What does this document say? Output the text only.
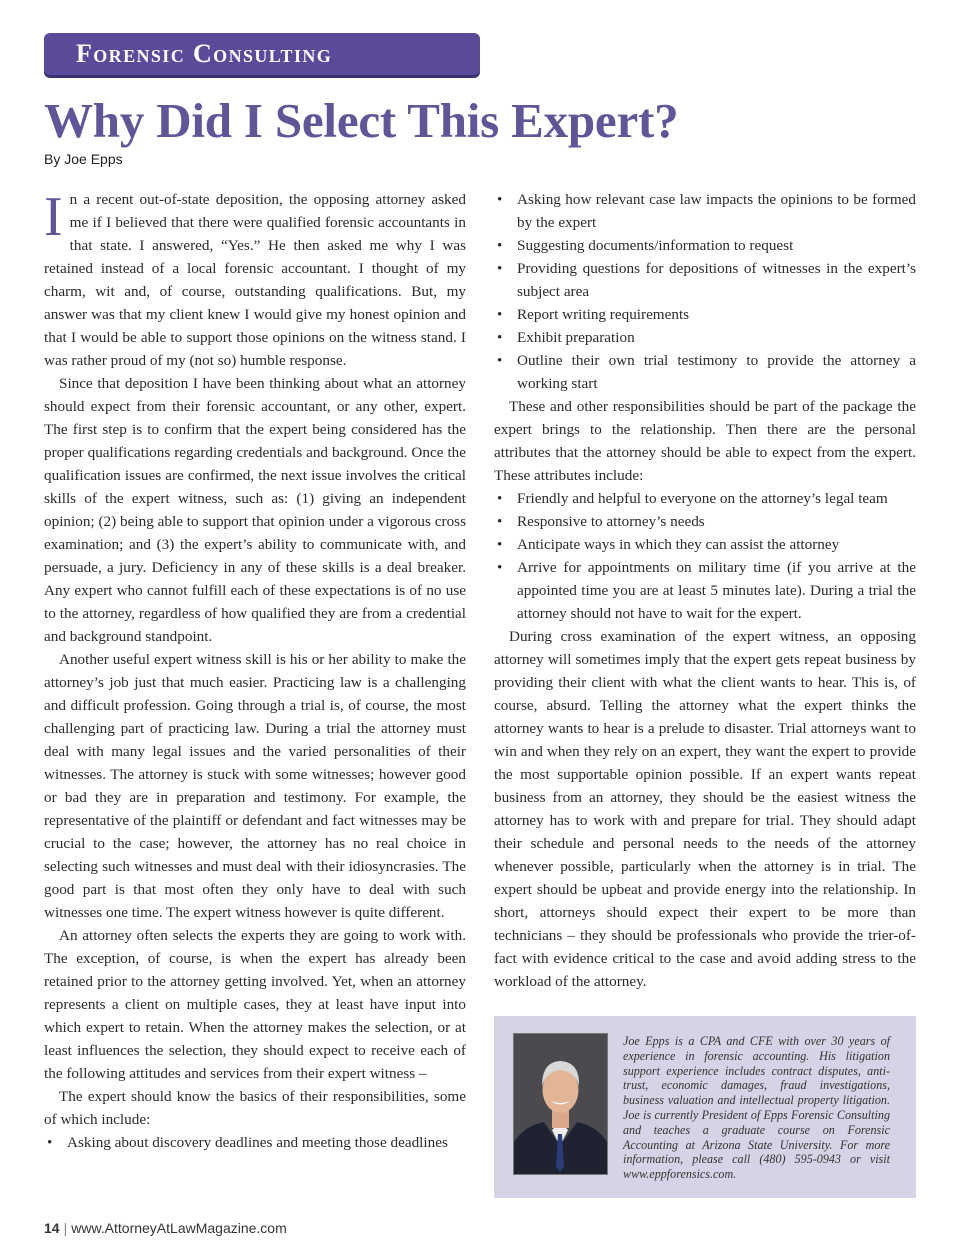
Forensic Consulting
Why Did I Select This Expert?
By Joe Epps

In a recent out-of-state deposition, the opposing attorney asked me if I believed that there were qualified forensic accountants in that state. I answered, “Yes.” He then asked me why I was retained instead of a local forensic accountant. I thought of my charm, wit and, of course, outstanding qualifications. But, my answer was that my client knew I would give my honest opinion and that I would be able to support those opinions on the witness stand. I was rather proud of my (not so) humble response.

Since that deposition I have been thinking about what an attorney should expect from their forensic accountant, or any other, expert. The first step is to confirm that the expert being considered has the proper qualifications regarding credentials and background. Once the qualification issues are confirmed, the next issue involves the critical skills of the expert witness, such as: (1) giving an independent opinion; (2) being able to support that opinion under a vigorous cross examination; and (3) the expert’s ability to communicate with, and persuade, a jury. Deficiency in any of these skills is a deal breaker. Any expert who cannot fulfill each of these expectations is of no use to the attorney, regardless of how qualified they are from a credential and background standpoint.

Another useful expert witness skill is his or her ability to make the attorney’s job just that much easier. Practicing law is a challenging and difficult profession. Going through a trial is, of course, the most challenging part of practicing law. During a trial the attorney must deal with many legal issues and the varied personalities of their witnesses. The attorney is stuck with some witnesses; however good or bad they are in preparation and testimony. For example, the representative of the plaintiff or defendant and fact witnesses may be crucial to the case; however, the attorney has no real choice in selecting such witnesses and must deal with their idiosyncrasies. The good part is that most often they only have to deal with such witnesses one time. The expert witness however is quite different.

An attorney often selects the experts they are going to work with. The exception, of course, is when the expert has already been retained prior to the attorney getting involved. Yet, when an attorney represents a client on multiple cases, they at least have input into which expert to retain. When the attorney makes the selection, or at least influences the selection, they should expect to receive each of the following attitudes and services from their expert witness –

The expert should know the basics of their responsibilities, some of which include:

• Asking about discovery deadlines and meeting those deadlines
• Asking how relevant case law impacts the opinions to be formed by the expert
• Suggesting documents/information to request
• Providing questions for depositions of witnesses in the expert’s subject area
• Report writing requirements
• Exhibit preparation
• Outline their own trial testimony to provide the attorney a working start

These and other responsibilities should be part of the package the expert brings to the relationship. Then there are the personal attributes that the attorney should be able to expect from the expert. These attributes include:

• Friendly and helpful to everyone on the attorney’s legal team
• Responsive to attorney’s needs
• Anticipate ways in which they can assist the attorney
• Arrive for appointments on military time (if you arrive at the appointed time you are at least 5 minutes late). During a trial the attorney should not have to wait for the expert.

During cross examination of the expert witness, an opposing attorney will sometimes imply that the expert gets repeat business by providing their client with what the client wants to hear. This is, of course, absurd. Telling the attorney what the expert thinks the attorney wants to hear is a prelude to disaster. Trial attorneys want to win and when they rely on an expert, they want the expert to provide the most supportable opinion possible. If an expert wants repeat business from an attorney, they should be the easiest witness the attorney has to work with and prepare for trial. They should adapt their schedule and personal needs to the needs of the attorney whenever possible, particularly when the attorney is in trial. The expert should be upbeat and provide energy into the relationship. In short, attorneys should expect their expert to be more than technicians – they should be professionals who provide the trier-of-fact with evidence critical to the case and avoid adding stress to the workload of the attorney.

Joe Epps is a CPA and CFE with over 30 years of experience in forensic accounting. His litigation support experience includes contract disputes, anti-trust, economic damages, fraud investigations, business valuation and intellectual property litigation. Joe is currently President of Epps Forensic Consulting and teaches a graduate course on Forensic Accounting at Arizona State University. For more information, please call (480) 595-0943 or visit www.eppforensics.com.
14 | www.AttorneyAtLawMagazine.com
